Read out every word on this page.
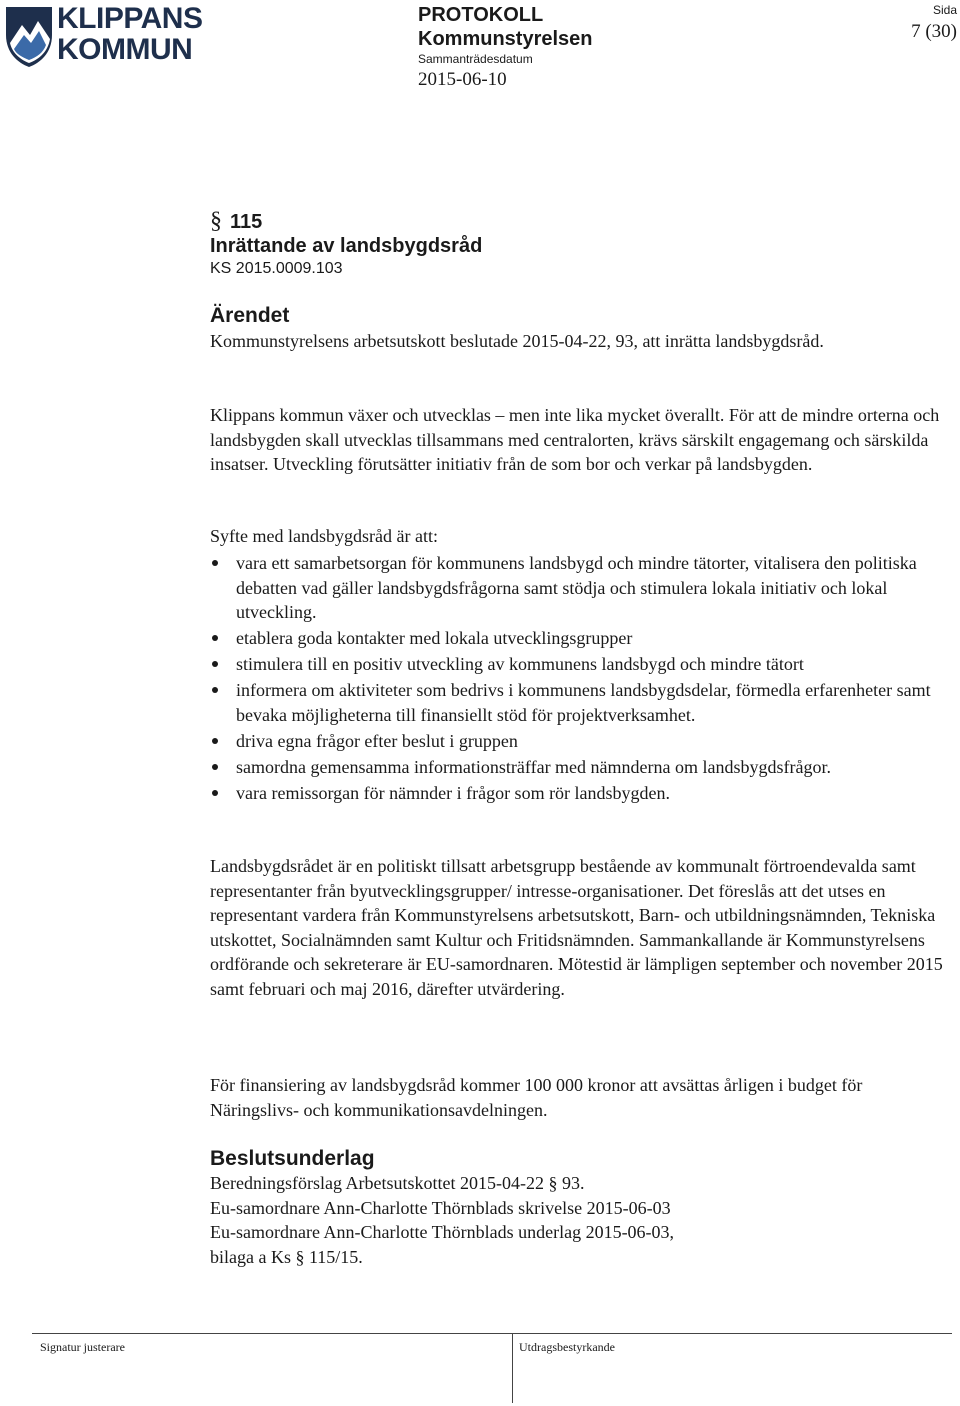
KLIPPANS
KOMMUN
PROTOKOLL
Kommunstyrelsen
Sammanträdesdatum
2015-06-10
Sida
7 (30)
§ 115
Inrättande av landsbygdsråd
KS 2015.0009.103
Ärendet
Kommunstyrelsens arbetsutskott beslutade 2015-04-22, 93, att inrätta landsbygdsråd.
Klippans kommun växer och utvecklas – men inte lika mycket överallt. För att de mindre orterna och landsbygden skall utvecklas tillsammans med centralorten, krävs särskilt engagemang och särskilda insatser. Utveckling förutsätter initiativ från de som bor och verkar på landsbygden.
Syfte med landsbygdsråd är att:
vara ett samarbetsorgan för kommunens landsbygd och mindre tätorter, vitalisera den politiska debatten vad gäller landsbygdsfrågorna samt stödja och stimulera lokala initiativ och lokal utveckling.
etablera goda kontakter med lokala utvecklingsgrupper
stimulera till en positiv utveckling av kommunens landsbygd och mindre tätort
informera om aktiviteter som bedrivs i kommunens landsbygdsdelar, förmedla erfarenheter samt bevaka möjligheterna till finansiellt stöd för projektverksamhet.
driva egna frågor efter beslut i gruppen
samordna gemensamma informationsträffar med nämnderna om landsbygdsfrågor.
vara remissorgan för nämnder i frågor som rör landsbygden.
Landsbygdsrådet är en politiskt tillsatt arbetsgrupp bestående av kommunalt förtroendevalda samt representanter från byutvecklingsgrupper/ intresse-organisationer. Det föreslås att det utses en representant vardera från Kommunstyrelsens arbetsutskott, Barn- och utbildningsnämnden, Tekniska utskottet, Socialnämnden samt Kultur och Fritidsnämnden. Sammankallande är Kommunstyrelsens ordförande och sekreterare är EU-samordnaren. Mötestid är lämpligen september och november 2015 samt februari och maj 2016, därefter utvärdering.
För finansiering av landsbygdsråd kommer 100 000 kronor att avsättas årligen i budget för Näringslivs- och kommunikationsavdelningen.
Beslutsunderlag
Beredningsförslag Arbetsutskottet 2015-04-22 § 93.
Eu-samordnare Ann-Charlotte Thörnblads skrivelse 2015-06-03
Eu-samordnare Ann-Charlotte Thörnblads underlag 2015-06-03,
bilaga a Ks § 115/15.
Signatur justerare	Utdragsbestyrkande
